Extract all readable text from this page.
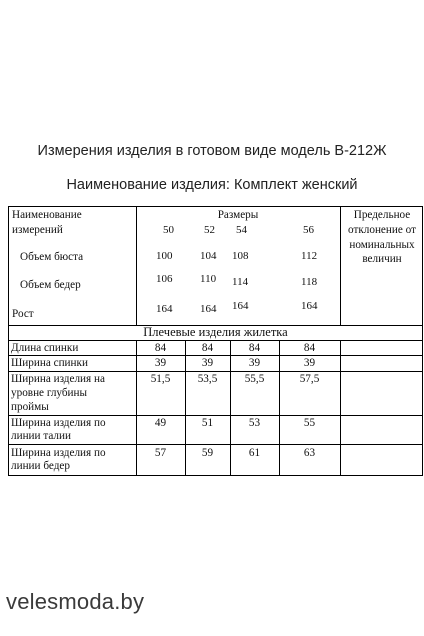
Измерения изделия в готовом виде модель В-212Ж
Наименование изделия: Комплект женский
Наименование
измерений
Размеры
50	52 54	56
Предельное
отклонение от
номинальных
величин
Объем бюста	100	104 108	112
Объем бедер	106	110 114	118
Рост	164	164 164	164
Плечевые изделия жилетка
Длина спинки	84	84	84	84
Ширина спинки	39	39	39	39
Ширина изделия на
уровне глубины
проймы
51,5	53,5	55,5	57,5
Ширина изделия по
линии талии
49	51	53	55
Ширина изделия по
линии бедер
57	59	61	63
velesmoda.by
